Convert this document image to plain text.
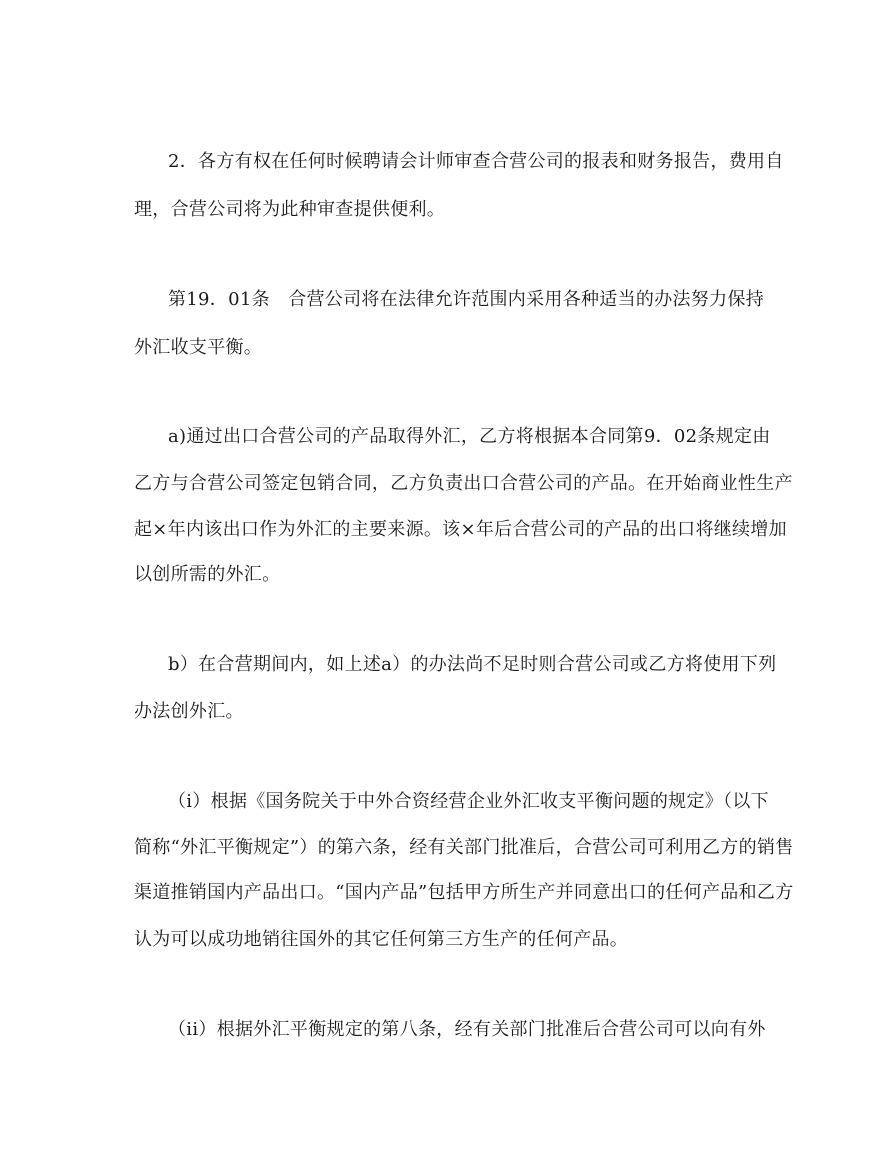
2．各方有权在任何时候聘请会计师审查合营公司的报表和财务报告，费用自
理，合营公司将为此种审查提供便利。
第19．01条　合营公司将在法律允许范围内采用各种适当的办法努力保持
外汇收支平衡。
a)通过出口合营公司的产品取得外汇，乙方将根据本合同第9．02条规定由
乙方与合营公司签定包销合同，乙方负责出口合营公司的产品。在开始商业性生产
起×年内该出口作为外汇的主要来源。该×年后合营公司的产品的出口将继续增加
以创所需的外汇。
b）在合营期间内，如上述a）的办法尚不足时则合营公司或乙方将使用下列
办法创外汇。
（i）根据《国务院关于中外合资经营企业外汇收支平衡问题的规定》（以下
简称“外汇平衡规定”）的第六条，经有关部门批准后，合营公司可利用乙方的销售
渠道推销国内产品出口。“国内产品”包括甲方所生产并同意出口的任何产品和乙方
认为可以成功地销往国外的其它任何第三方生产的任何产品。
（ii）根据外汇平衡规定的第八条，经有关部门批准后合营公司可以向有外
